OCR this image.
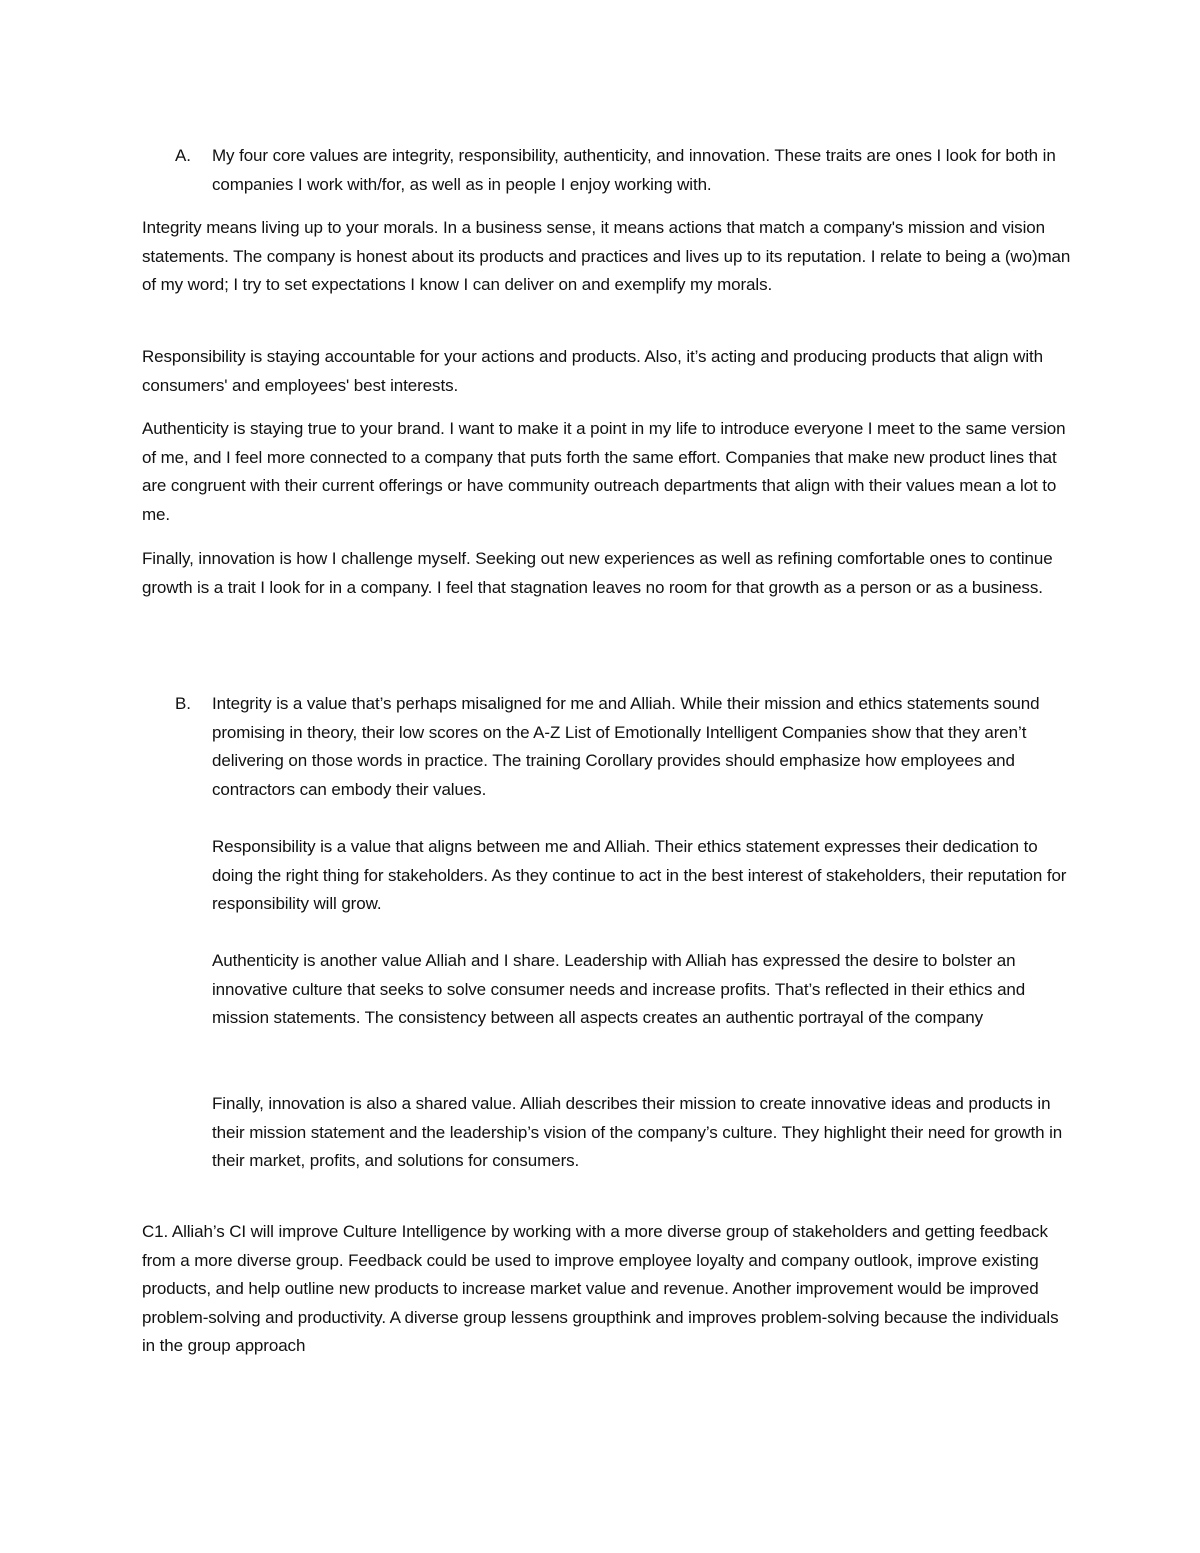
A.	My four core values are integrity, responsibility, authenticity, and innovation. These traits are ones I look for both in companies I work with/for, as well as in people I enjoy working with.

Integrity means living up to your morals. In a business sense, it means actions that match a company's mission and vision statements. The company is honest about its products and practices and lives up to its reputation. I relate to being a (wo)man of my word; I try to set expectations I know I can deliver on and exemplify my morals.

Responsibility is staying accountable for your actions and products. Also, it’s acting and producing products that align with consumers' and employees' best interests.

Authenticity is staying true to your brand. I want to make it a point in my life to introduce everyone I meet to the same version of me, and I feel more connected to a company that puts forth the same effort. Companies that make new product lines that are congruent with their current offerings or have community outreach departments that align with their values mean a lot to me.

Finally, innovation is how I challenge myself. Seeking out new experiences as well as refining comfortable ones to continue growth is a trait I look for in a company. I feel that stagnation leaves no room for that growth as a person or as a business.

B.	Integrity is a value that’s perhaps misaligned for me and Alliah. While their mission and ethics statements sound promising in theory, their low scores on the A-Z List of Emotionally Intelligent Companies show that they aren’t delivering on those words in practice. The training Corollary provides should emphasize how employees and contractors can embody their values.

Responsibility is a value that aligns between me and Alliah. Their ethics statement expresses their dedication to doing the right thing for stakeholders. As they continue to act in the best interest of stakeholders, their reputation for responsibility will grow.

Authenticity is another value Alliah and I share. Leadership with Alliah has expressed the desire to bolster an innovative culture that seeks to solve consumer needs and increase profits. That’s reflected in their ethics and mission statements. The consistency between all aspects creates an authentic portrayal of the company

Finally, innovation is also a shared value. Alliah describes their mission to create innovative ideas and products in their mission statement and the leadership’s vision of the company’s culture. They highlight their need for growth in their market, profits, and solutions for consumers.

C1. Alliah’s CI will improve Culture Intelligence by working with a more diverse group of stakeholders and getting feedback from a more diverse group. Feedback could be used to improve employee loyalty and company outlook, improve existing products, and help outline new products to increase market value and revenue. Another improvement would be improved problem-solving and productivity. A diverse group lessens groupthink and improves problem-solving because the individuals in the group approach
